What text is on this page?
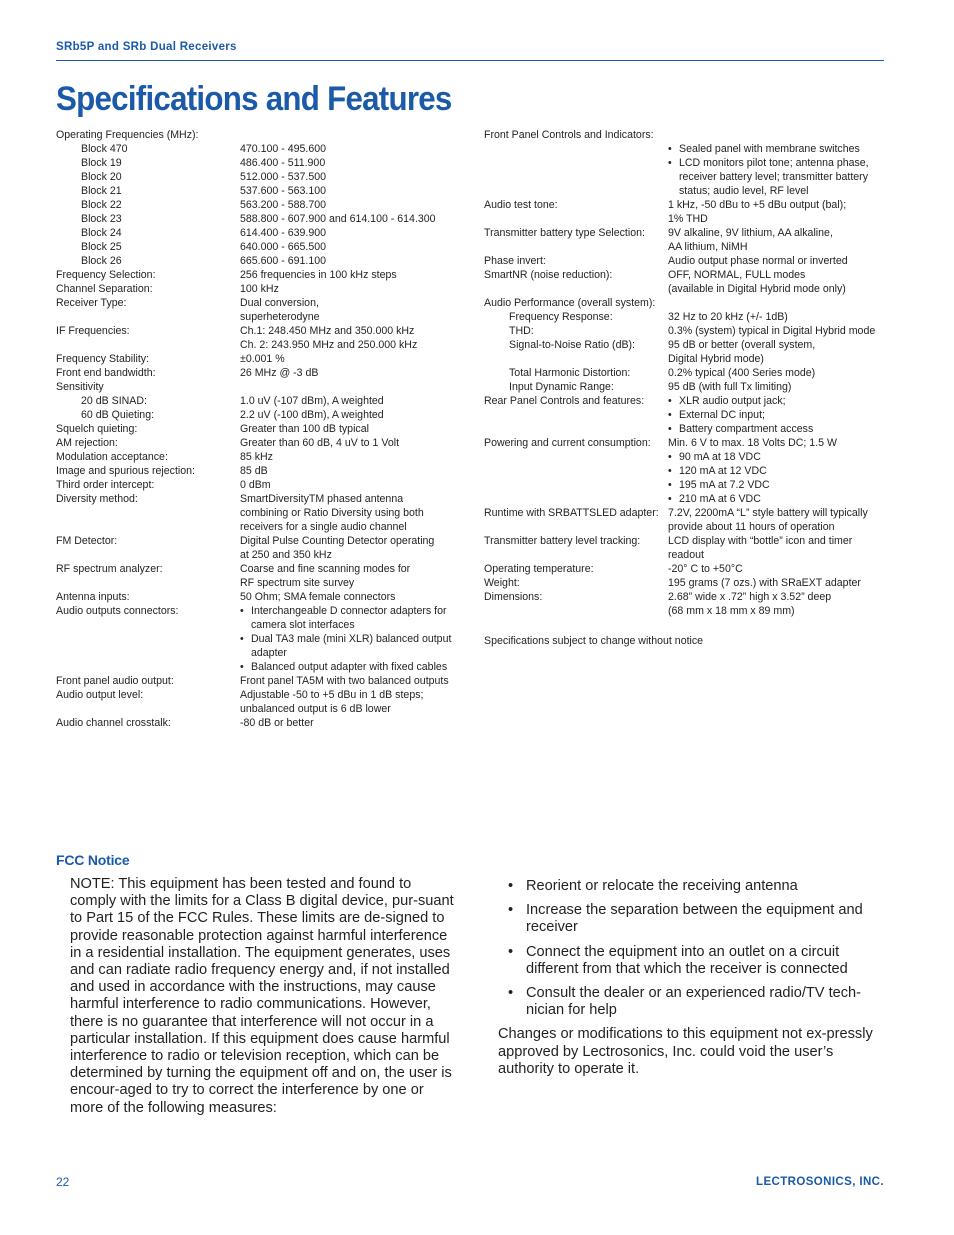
SRb5P and SRb Dual Receivers
Specifications and Features
Operating Frequencies (MHz):
Block 470	470.100 - 495.600
Block 19	486.400 - 511.900
Block 20	512.000 - 537.500
Block 21	537.600 - 563.100
Block 22	563.200 - 588.700
Block 23	588.800 - 607.900 and 614.100 - 614.300
Block 24	614.400 - 639.900
Block 25	640.000 - 665.500
Block 26	665.600 - 691.100
Frequency Selection:	256 frequencies in 100 kHz steps
Channel Separation:	100 kHz
Receiver Type:	Dual conversion,
superheterodyne
IF Frequencies:	Ch.1: 248.450 MHz and 350.000 kHz
Ch. 2: 243.950 MHz and 250.000 kHz
Frequency Stability:	±0.001 %
Front end bandwidth:	26 MHz @ -3 dB
Sensitivity
20 dB SINAD:	1.0 uV (-107 dBm), A weighted
60 dB Quieting:	2.2 uV (-100 dBm), A weighted
Squelch quieting:	Greater than 100 dB typical
AM rejection:	Greater than 60 dB, 4 uV to 1 Volt
Modulation acceptance:	85 kHz
Image and spurious rejection:	85 dB
Third order intercept:	0 dBm
Diversity method:	SmartDiversityTM phased antenna
combining or Ratio Diversity using both
receivers for a single audio channel
FM Detector:	Digital Pulse Counting Detector operating
at 250 and 350 kHz
RF spectrum analyzer:	Coarse and fine scanning modes for
RF spectrum site survey
Antenna inputs:	50 Ohm; SMA female connectors
Audio outputs connectors:	• Interchangeable D connector adapters for camera slot interfaces
• Dual TA3 male (mini XLR) balanced output adapter
• Balanced output adapter with fixed cables
Front panel audio output:	Front panel TA5M with two balanced outputs
Audio output level:	Adjustable -50 to +5 dBu in 1 dB steps;
unbalanced output is 6 dB lower
Audio channel crosstalk:	-80 dB or better
Front Panel Controls and Indicators:
• Sealed panel with membrane switches
• LCD monitors pilot tone; antenna phase, receiver battery level; transmitter battery status; audio level, RF level
Audio test tone:	1 kHz, -50 dBu to +5 dBu output (bal);
1% THD
Transmitter battery type Selection:	9V alkaline, 9V lithium, AA alkaline,
AA lithium, NiMH
Phase invert:	Audio output phase normal or inverted
SmartNR (noise reduction):	OFF, NORMAL, FULL modes
(available in Digital Hybrid mode only)
Audio Performance (overall system):
Frequency Response:	32 Hz to 20 kHz (+/- 1dB)
THD:	0.3% (system) typical in Digital Hybrid mode
Signal-to-Noise Ratio (dB):	95 dB or better (overall system,
Digital Hybrid mode)
Total Harmonic Distortion:	0.2% typical (400 Series mode)
Input Dynamic Range:	95 dB (with full Tx limiting)
Rear Panel Controls and features:	• XLR audio output jack;
• External DC input;
• Battery compartment access
Powering and current consumption:	Min. 6 V to max. 18 Volts DC; 1.5 W
• 90 mA at 18 VDC
• 120 mA at 12 VDC
• 195 mA at 7.2 VDC
• 210 mA at 6 VDC
Runtime with SRBATTSLED adapter: 7.2V, 2200mA “L” style battery will typically
provide about 11 hours of operation
Transmitter battery level tracking:	LCD display with “bottle” icon and timer
readout
Operating temperature:	-20° C to +50°C
Weight:	195 grams (7 ozs.) with SRaEXT adapter
Dimensions:	2.68” wide x .72” high x 3.52” deep
(68 mm x 18 mm x 89 mm)
Specifications subject to change without notice
FCC Notice

NOTE: This equipment has been tested and found to comply with the limits for a Class B digital device, pur-suant to Part 15 of the FCC Rules. These limits are de-signed to provide reasonable protection against harmful interference in a residential installation. The equipment generates, uses and can radiate radio frequency energy and, if not installed and used in accordance with the instructions, may cause harmful interference to radio communications. However, there is no guarantee that interference will not occur in a particular installation. If this equipment does cause harmful interference to radio or television reception, which can be determined by turning the equipment off and on, the user is encour-aged to try to correct the interference by one or more of the following measures:

• Reorient or relocate the receiving antenna
• Increase the separation between the equipment and receiver
• Connect the equipment into an outlet on a circuit different from that which the receiver is connected
• Consult the dealer or an experienced radio/TV tech-nician for help

Changes or modifications to this equipment not ex-pressly approved by Lectrosonics, Inc. could void the user’s authority to operate it.

22	LECTROSONICS, INC.
